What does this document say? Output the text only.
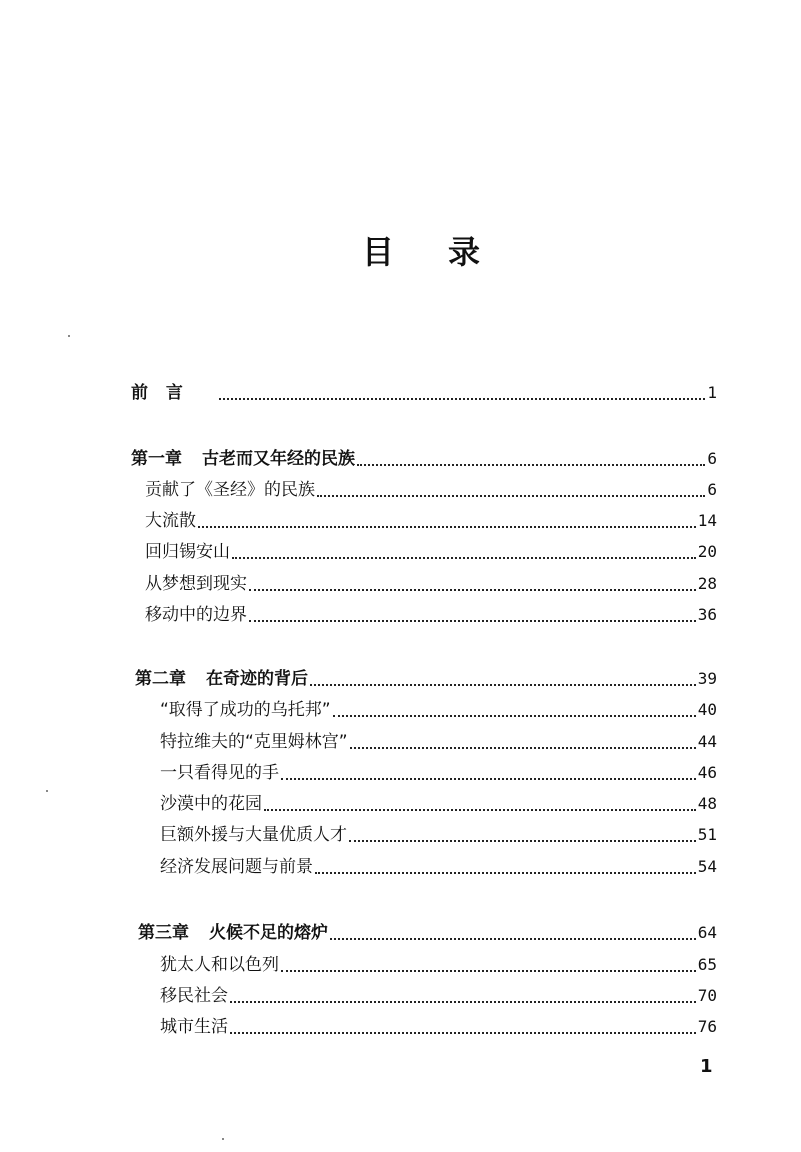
目 录
前 言	1
第一章 古老而又年经的民族	6
贡献了《圣经》的民族	6
大流散	14
回归锡安山	20
从梦想到现实	28
移动中的边界	36
第二章 在奇迹的背后	39
“取得了成功的乌托邦”	40
特拉维夫的“克里姆林宫”	44
一只看得见的手	46
沙漠中的花园	48
巨额外援与大量优质人才	51
经济发展问题与前景	54
第三章 火候不足的熔炉	64
犹太人和以色列	65
移民社会	70
城市生活	76
1
